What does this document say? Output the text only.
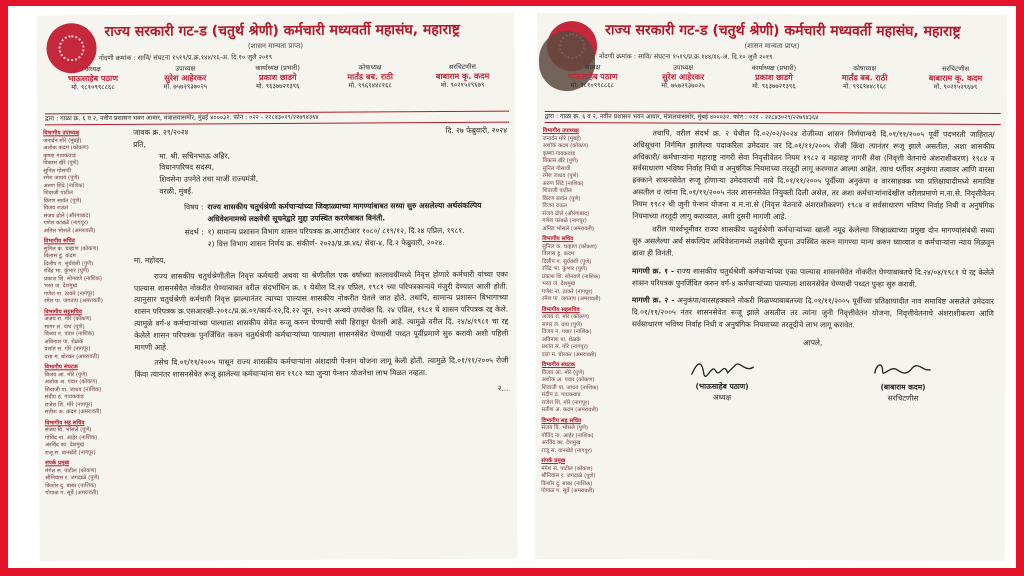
राज्य सरकारी गट-ड (चतुर्थ श्रेणी) कर्मचारी मध्यवर्ती महासंघ, महाराष्ट्र
(शासन मान्यता प्राप्त)
नोंदणी क्रमांक : सावि/ संघटना १५१९/प्र.क्र.१४४/१६-अ. दि.१० जुलै २०१९
अध्यक्ष
भाऊसाहेब पठाण
मो. ९८१०९९८८६८
उपाध्यक्ष
सुरेश आहेरकर
मो. ७५७२९३७०२५
कार्याध्यक्ष (प्रभारी)
प्रकाश छाडगे
मो. ९६३७७२१३९६
कोषाध्यक्ष
मार्तंड बब. राठी
मो. ९९६९४४८१६८
सरचिटणीस
बाबाराम कृ. कदम
मो. ९०२१५२९६७९
द्वारा : गाळा क्र. ६ व २, नवीन प्रशासन भवन आवार, मंत्रालयासमोर, मुंबई ४०००३२. फोन : ०२२ - २२८४३०२९/२२७९४३६४
विभागीय उपाध्यक्ष
जनार्दन मोरे (मुंबई)
अशोक कदम (कोकण)
कृष्णा गायकवाड
विकास खैरे (पुणे)
सुनिल गोसावी
रमेश जाधव (पुणे)
अरुण शिंदे (नाशिक)
शिवाजी पाटील
किरण सावंत (पुणे)
विजय राऊत
संजय ढोले (औरंगाबाद)
गणेश कांबळे (नागपूर)
अनिल भोसले (अमरावती)
विभागीय सचिव
सुनिल क. चव्हाण (कोकण)
विलास डू. कदम
दिलीप ग. सुर्यवंशी (पुणे)
रविंद्र भा. कुंभार (पुणे)
प्रकाश शि. सोनवणे (नाशिक)
भरत ज. देशमुख
गणेश ना. ठाकरे (नागपूर)
रमेश पा. जगताप (अमरावती)
विभागीय सहसचिव
अजय रा. मोरे (कोकण)
सागर ल. वाघ (पुणे)
विजय न. पवार (नाशिक)
अविनाश पा. शेळके
प्रशांत स. गोरे (नागपूर)
दत्ता म. बोरकर (अमरावती)
विभागीय संघटक
विजय आ. मोरे (पुणे)
अशोक अ. पवार (कोकण)
शिवाजी पा. जाधव (नाशिक)
संदीप ठ. गायकवाड
राजेश शि. मोरे (नागपूर)
सतीश अ. कदम (अमरावती)
विभागीय सह सचिव
संजय वि. भोसले (पुणे)
गोविंद ना. आहेर (नाशिक)
अरविंद का. देशमुख
राजू स. वानखेडे (नागपूर)
संपर्क प्रमुख
मंगेश स. पाटील (कोकण)
श्रीनिवास र. जगदाळे (पुणे)
किशोर दु. बाबर (नाशिक)
गोपाळ ग. सूर्वे (अमरावती)
जावक क्र. २९/२०२४	दि. २७ फेब्रुवारी, २०२४
प्रति,
मा. श्री. सचिनभाऊ अहिर,
विधानपरिषद सदस्य,
शिवसेना उपनेते तथा माजी राज्यमंत्री,
वरळी, मुंबई.
विषय : राज्य शासकीय चतुर्थश्रेणी कर्मचाऱ्यांच्या जिव्हाळ्याच्या मागण्यांबाबत सध्या सुरु असलेल्या अर्थसंकल्पिय अधिवेशनामध्ये लक्षवेधी सूचनेद्वारे मुद्दा उपस्थित करणेबाबत विनंती.
संदर्भ : १) सामान्य प्रशासन विभाग शासन परिपत्रक क्र.आरटीआर १०८०/ ८१९/१२, दि.२४ एप्रिल, १९८१.
२) वित्त विभाग शासन निर्णय क्र. संकीर्ण- २०२३/प्र.क्र.४६/ सेवा-४, दि.२ फेब्रुवारी, २०२४.
मा. महोदय,
राज्य शासकीय चतुर्थश्रेणीतील निवृत्त कर्मचारी अथवा या श्रेणीतील एक वर्षाच्या कालावधीमध्ये निवृत्त होणारे कर्मचारी यांच्या एका पाल्यास शासनसेवेत नोकरीत घेण्याबाबत वरील संदर्भाधिन क्र. १ येथील दि.२४ एप्रिल, १९८१ च्या परिपत्रकान्वये मंजुरी देण्यात आली होती. त्यानुसार चतुर्थश्रेणी कर्मचारी निवृत्त झाल्यानंतर त्याच्या पाल्यास शासकीय नोकरीत घेतले जात होते. तथापि, सामान्य प्रशासन विभागाच्या शासन परिपत्रक क्र.एसआरव्ही-२०१८/प्र.क्र.०१/कार्य-१२,दि.२२ जून, २०२१ अन्वये उपरोक्त दि. २४ एप्रिल, १९८१ चे शासन परिपत्रक रद्द केले. त्यामुळे वर्ग-४ कर्मचाऱ्यांच्या पाल्याला शासकीय सेवेत रूजू करुन घेण्याची संधी हिरावून घेतली आहे. त्यामुळे वरील दि. २४/४/१९८१ चा रद्द केलेले शासन परिपत्रक पुनर्जिवित करुन चतुर्थश्रेणी कर्मचाऱ्यांच्या पाल्याला शासनसेवेत घेण्याची पध्दत पूर्वीप्रमाणे सुरु करावी अशी पहिली मागणी आहे.
तसेच दि.०१/११/२००५ पासून राज्य शासकीय कर्मचाऱ्यांना अंशदायी पेन्शन योजना लागू केली होती. त्यामुळे दि.०१/११/२००५ रोजी किंवा त्यानंतर शासनसेवेत रूजू झालेल्या कर्मचाऱ्यांना सन १९८२ च्या जुन्या पेन्शन योजनेचा लाभ मिळत नव्हता.
२...
राज्य सरकारी गट-ड (चतुर्थ श्रेणी) कर्मचारी मध्यवर्ती महासंघ, महाराष्ट्र
(शासन मान्यता प्राप्त)
नोंदणी क्रमांक : सावि/ संघटना १५१९/प्र.क्र.१४४/१६-अ. दि.१० जुलै २०१९
अध्यक्ष
भाऊसाहेब पठाण
मो. ९८१०९९८८६८
उपाध्यक्ष
सुरेश आहेरकर
मो. ७५७२९३७०२५
कार्याध्यक्ष (प्रभारी)
प्रकाश छाडगे
मो. ९६३७७२१३९६
कोषाध्यक्ष
मार्तंड बब. राठी
मो. ९९६९४४८१६८
सरचिटणीस
बाबाराम कृ. कदम
मो. ९०२१५२९६७९
द्वारा : गाळा क्र. ६ व २, नवीन प्रशासन भवन आवार, मंत्रालयासमोर, मुंबई ४०००३२. फोन : ०२२ - २२८४३०२९/२२७९४३६४
विभागीय उपाध्यक्ष
जनार्दन मोरे (मुंबई)
अशोक कदम (कोकण)
कृष्णा गायकवाड
विकास खैरे (पुणे)
सुनिल गोसावी
रमेश जाधव (पुणे)
अरुण शिंदे (नाशिक)
शिवाजी पाटील
किरण सावंत (पुणे)
विजय राऊत
संजय ढोले (औरंगाबाद)
गणेश कांबळे (नागपूर)
अनिल भोसले (अमरावती)
विभागीय सचिव
सुनिल क. चव्हाण (कोकण)
विलास डू. कदम
दिलीप ग. सुर्यवंशी (पुणे)
रविंद्र भा. कुंभार (पुणे)
प्रकाश शि. सोनवणे (नाशिक)
भरत ज. देशमुख
गणेश ना. ठाकरे (नागपूर)
रमेश पा. जगताप (अमरावती)
विभागीय सहसचिव
अजय रा. मोरे (कोकण)
सागर ल. वाघ (पुणे)
विजय न. पवार (नाशिक)
अविनाश पा. शेळके
प्रशांत स. गोरे (नागपूर)
दत्ता म. बोरकर (अमरावती)
विभागीय संघटक
विजय आ. मोरे (पुणे)
अशोक अ. पवार (कोकण)
शिवाजी पा. जाधव (नाशिक)
संदीप ठ. गायकवाड
राजेश शि. मोरे (नागपूर)
सतीश अ. कदम (अमरावती)
विभागीय सह सचिव
संजय वि. भोसले (पुणे)
गोविंद ना. आहेर (नाशिक)
अरविंद का. देशमुख
राजू स. वानखेडे (नागपूर)
संपर्क प्रमुख
मंगेश स. पाटील (कोकण)
श्रीनिवास र. जगदाळे (पुणे)
किशोर दु. बाबर (नाशिक)
गोपाळ ग. सूर्वे (अमरावती)
तथापि, वरील संदर्भ क्र. २ येथील दि.०२/०२/२०२४ रोजीच्या शासन निर्णयान्वये दि.०१/११/२००५ पूर्वी पदभरती जाहिरात/अधिसूचना निर्गमित झालेल्या पदाकरिता उमेदवार जर दि.०१/११/२००५ रोजी किंवा त्यानंतर रूजू झाले असतील, अशा शासकीय अधिकारी/ कर्मचाऱ्यांना महाराष्ट्र नागरी सेवा निवृत्तीवेतन नियम १९८२ व महाराष्ट्र नागरी सेवा (निवृत्ती वेतनाचे अंशराशीकरण) १९८४ व सर्वसाधारण भविष्य निर्वाह निधी व अनुषंगिक नियमाच्या तरतूदी लागू करण्यात आल्या आहेत. त्याच धर्तीवर अनुकंपा तत्वावर आणि वारसा हक्काने शासनसेवेत रूजू होणाऱ्या उमेदवाराची नावे दि.०१/११/२००५ पूर्वीच्या अनुकंपा व वारसाहक्क च्या प्रतिक्षायादीमध्ये समाविष्ट असतील व त्यांना दि.०१/११/२००५ नंतर शासनसेवेत नियुक्ती दिली असेल, तर अशा कर्मचाऱ्यांनादेखील वरीलप्रमाणे म.ना.से. निवृत्तीवेतन नियम १९८२ ची जुनी पेन्शन योजना व म.ना.से (निवृत्त वेतनाचे अंशराशीकरण) १९८४ व सर्वसाधारण भविष्य निर्वाह निधी व अनुषंगिक नियमाच्या तरतूदी लागू कराव्यात, अशी दुसरी मागणी आहे.
वरील पार्श्वभूमीवर राज्य शासकीय चतुर्थश्रेणी कर्मचाऱ्यांच्या खाली नमूद केलेल्या जिव्हाळ्याच्या प्रमुख दोन मागण्यांसंबंधी सध्या सुरु असलेल्या अर्थ संकल्पिय अधिवेशनामध्ये लक्षवेधी सूचना उपस्थित करुन मागण्या मान्य करुन घ्याव्यात व कर्मचाऱ्यांना न्याय मिळवून द्यावा ही विनंती.
मागणी क्र. १ - राज्य शासकीय चतुर्थश्रेणी कर्मचाऱ्यांच्या एका पाल्यास शासनसेवेत नोकरीत घेण्याबाबतचे दि.२४/०४/१९८१ चे रद्द केलेले शासन परिपत्रक पुनर्जिवित करुन वर्ग-४ कर्मचाऱ्यांच्या पाल्याला शासनसेवेत घेण्याची पध्दत पुन्हा सुरु करावी.
मागणी क्र. २ - अनुकंपा/वारसहक्काने नोकरी मिळण्याबाबतच्या दि.०१/११/२००५ पूर्वीच्या प्रतिक्षायादीत नाव समाविष्ट असलेले उमेदवार दि.०१/११/२००५ नंतर शासनसेवेत रूजू झाले असतील तर त्यांना जुनी निवृत्तीवेतन योजना, निवृत्तीवेतनाचे अंशराशीकरण आणि सर्वसाधारण भविष्य निर्वाह निधी व अनुषंगिक नियमाच्या तरतूदीचे लाभ लागू करावेत.
आपले,
(भाऊसाहेब पठाण)
अध्यक्ष
(बाबाराम कदम)
सरचिटणीस
